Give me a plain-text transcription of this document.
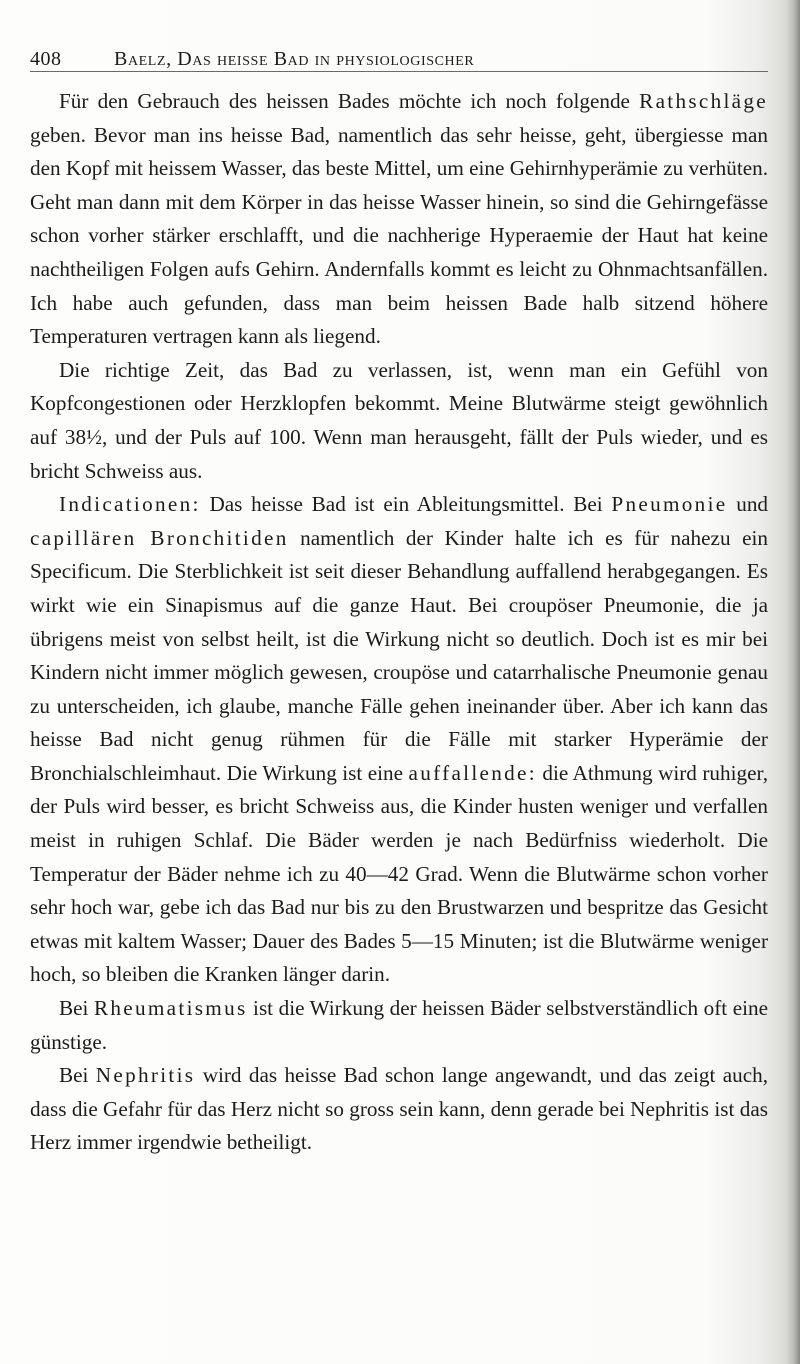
408	Baelz, Das heisse Bad in physiologischer

Für den Gebrauch des heissen Bades möchte ich noch folgende Rathschläge geben. Bevor man ins heisse Bad, namentlich das sehr heisse, geht, übergiesse man den Kopf mit heissem Wasser, das beste Mittel, um eine Gehirnhyperämie zu verhüten. Geht man dann mit dem Körper in das heisse Wasser hinein, so sind die Gehirngefässe schon vorher stärker erschlafft, und die nachherige Hyperaemie der Haut hat keine nachtheiligen Folgen aufs Gehirn. Andernfalls kommt es leicht zu Ohnmachtsanfällen. Ich habe auch gefunden, dass man beim heissen Bade halb sitzend höhere Temperaturen vertragen kann als liegend.

Die richtige Zeit, das Bad zu verlassen, ist, wenn man ein Gefühl von Kopfcongestionen oder Herzklopfen bekommt. Meine Blutwärme steigt gewöhnlich auf 38½, und der Puls auf 100. Wenn man herausgeht, fällt der Puls wieder, und es bricht Schweiss aus.

Indicationen: Das heisse Bad ist ein Ableitungsmittel. Bei Pneumonie und capillären Bronchitiden namentlich der Kinder halte ich es für nahezu ein Specificum. Die Sterblichkeit ist seit dieser Behandlung auffallend herabgegangen. Es wirkt wie ein Sinapismus auf die ganze Haut. Bei croupöser Pneumonie, die ja übrigens meist von selbst heilt, ist die Wirkung nicht so deutlich. Doch ist es mir bei Kindern nicht immer möglich gewesen, croupöse und catarrhalische Pneumonie genau zu unterscheiden, ich glaube, manche Fälle gehen ineinander über. Aber ich kann das heisse Bad nicht genug rühmen für die Fälle mit starker Hyperämie der Bronchialschleimhaut. Die Wirkung ist eine auffallende: die Athmung wird ruhiger, der Puls wird besser, es bricht Schweiss aus, die Kinder husten weniger und verfallen meist in ruhigen Schlaf. Die Bäder werden je nach Bedürfniss wiederholt. Die Temperatur der Bäder nehme ich zu 40—42 Grad. Wenn die Blutwärme schon vorher sehr hoch war, gebe ich das Bad nur bis zu den Brustwarzen und bespritze das Gesicht etwas mit kaltem Wasser; Dauer des Bades 5—15 Minuten; ist die Blutwärme weniger hoch, so bleiben die Kranken länger darin.

Bei Rheumatismus ist die Wirkung der heissen Bäder selbstverständlich oft eine günstige.

Bei Nephritis wird das heisse Bad schon lange angewandt, und das zeigt auch, dass die Gefahr für das Herz nicht so gross sein kann, denn gerade bei Nephritis ist das Herz immer irgendwie betheiligt.
